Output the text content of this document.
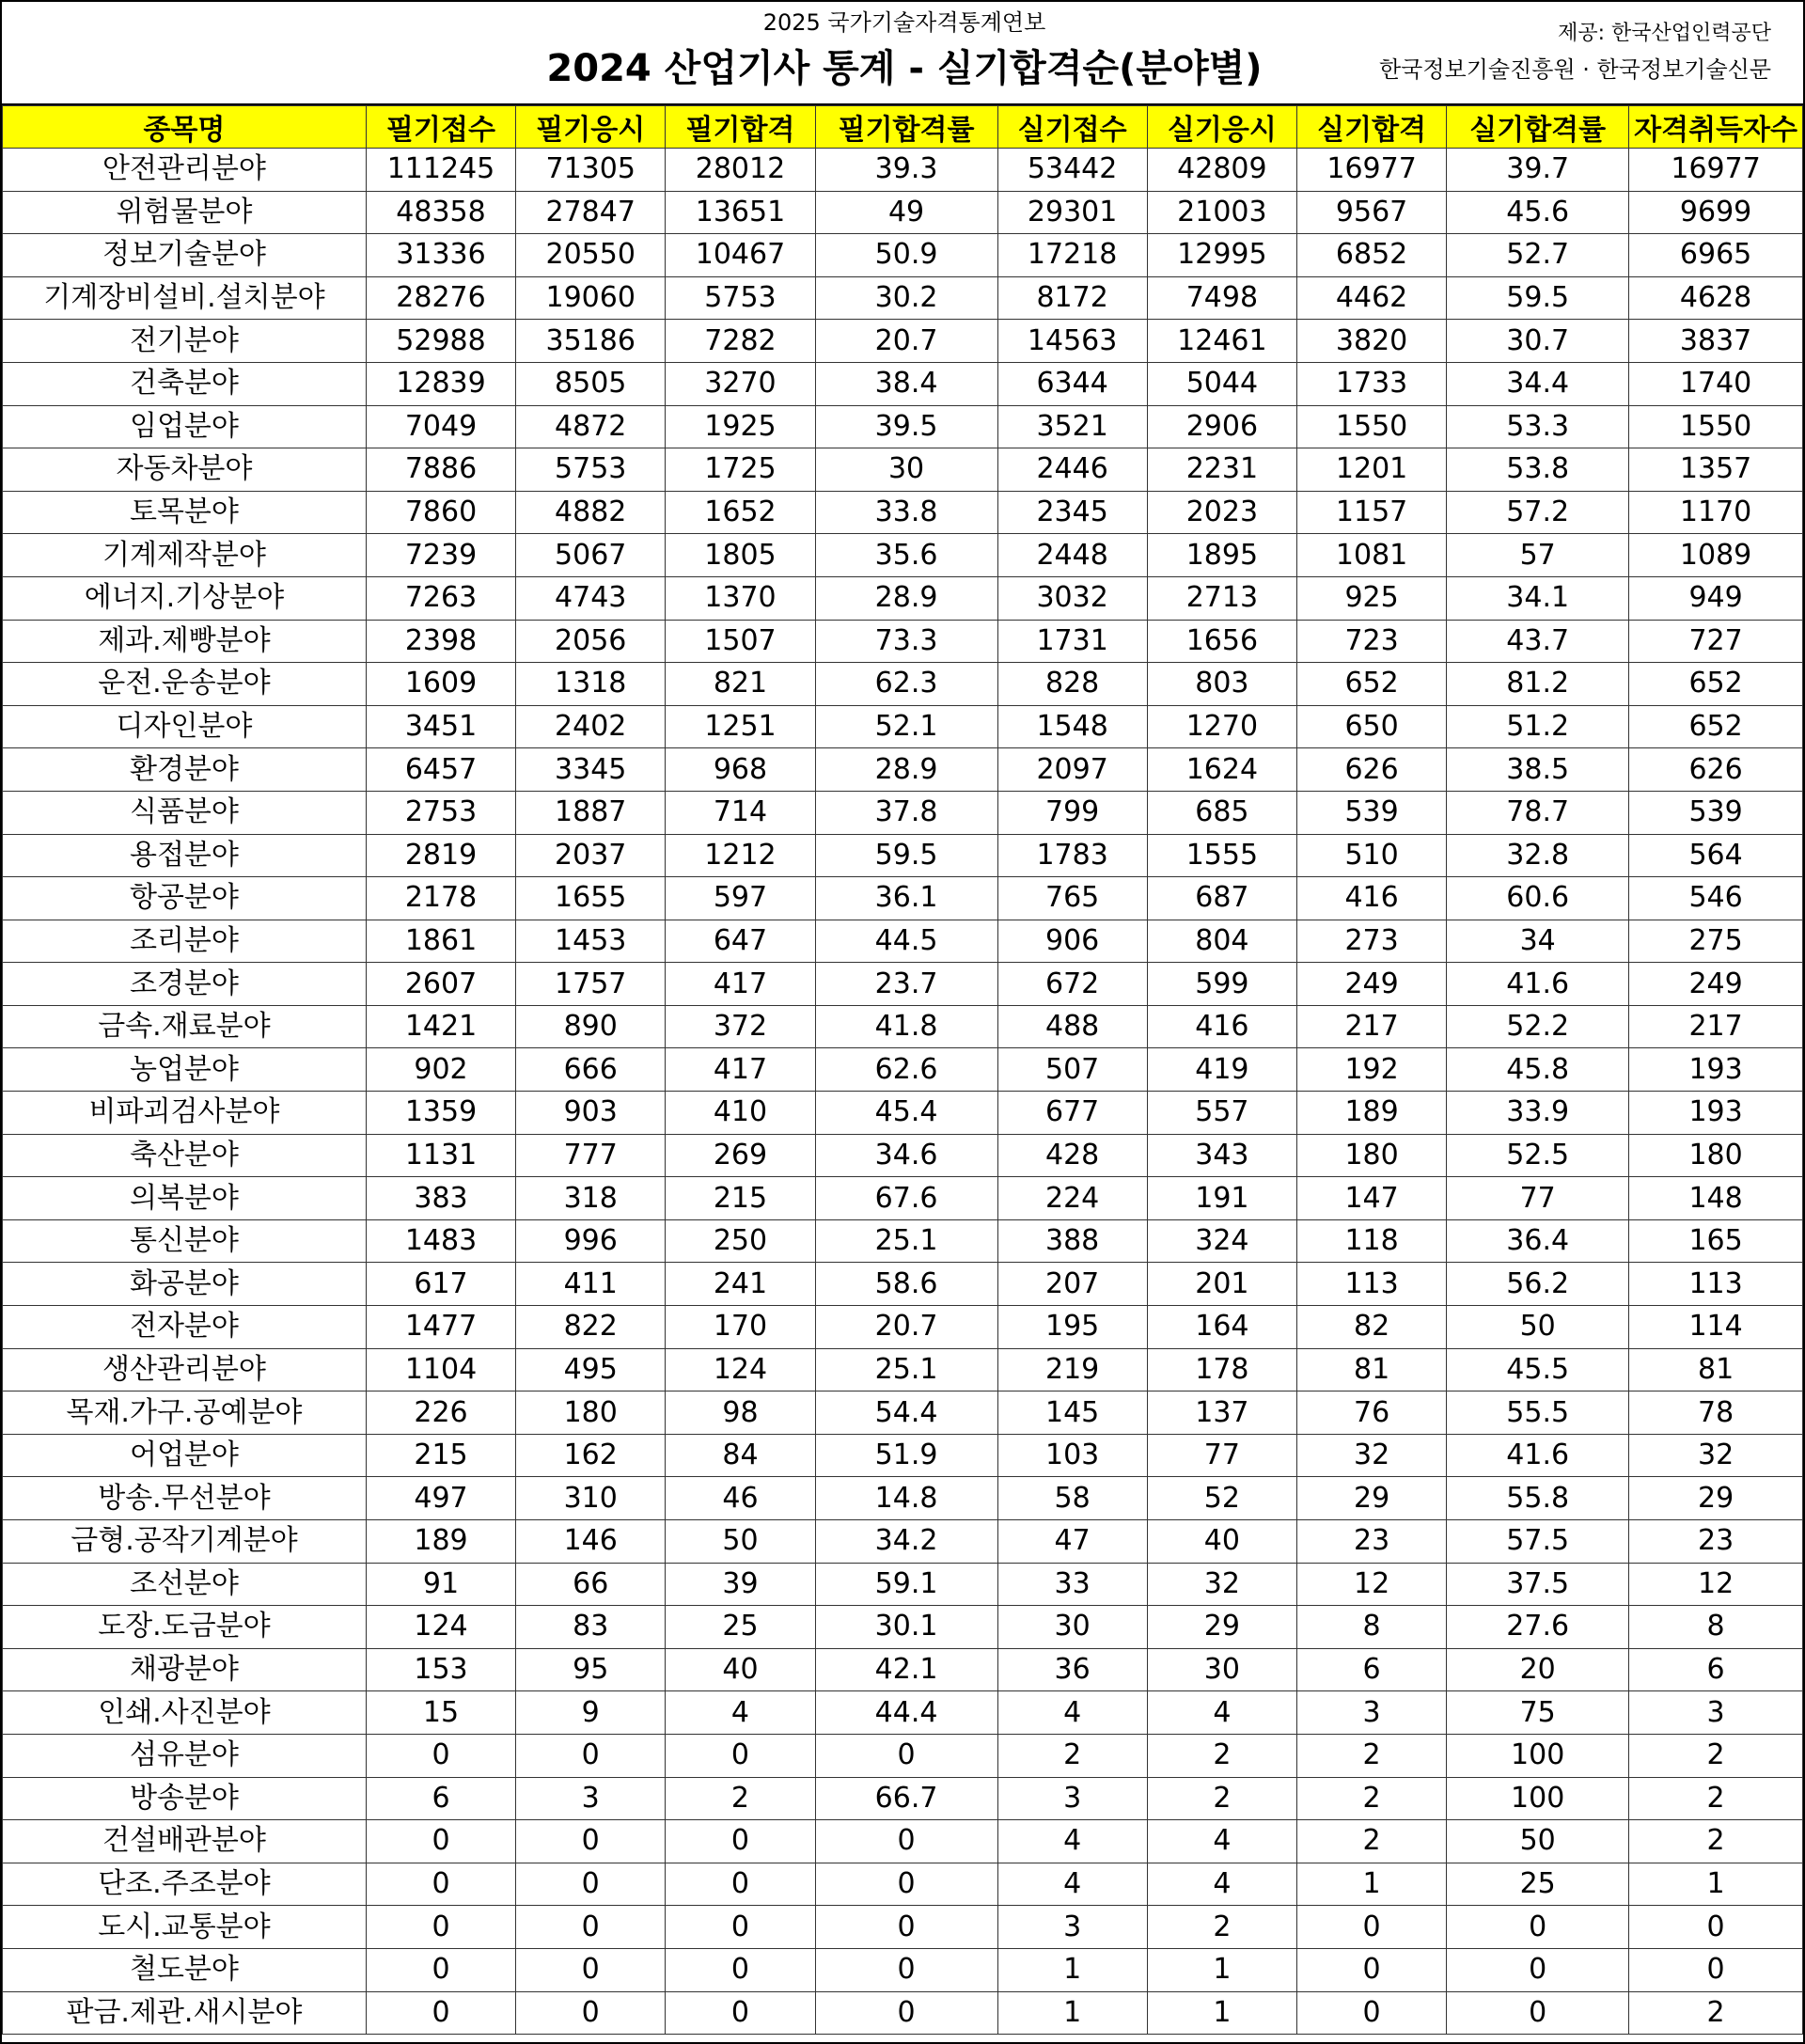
2025 국가기술자격통계연보
2024 산업기사 통계 - 실기합격순(분야별)
제공: 한국산업인력공단
한국정보기술진흥원 · 한국정보기술신문
종목명	필기접수	필기응시	필기합격	필기합격률	실기접수	실기응시	실기합격	실기합격률	자격취득자수
안전관리분야	111245	71305	28012	39.3	53442	42809	16977	39.7	16977
위험물분야	48358	27847	13651	49	29301	21003	9567	45.6	9699
정보기술분야	31336	20550	10467	50.9	17218	12995	6852	52.7	6965
기계장비설비.설치분야	28276	19060	5753	30.2	8172	7498	4462	59.5	4628
전기분야	52988	35186	7282	20.7	14563	12461	3820	30.7	3837
건축분야	12839	8505	3270	38.4	6344	5044	1733	34.4	1740
임업분야	7049	4872	1925	39.5	3521	2906	1550	53.3	1550
자동차분야	7886	5753	1725	30	2446	2231	1201	53.8	1357
토목분야	7860	4882	1652	33.8	2345	2023	1157	57.2	1170
기계제작분야	7239	5067	1805	35.6	2448	1895	1081	57	1089
에너지.기상분야	7263	4743	1370	28.9	3032	2713	925	34.1	949
제과.제빵분야	2398	2056	1507	73.3	1731	1656	723	43.7	727
운전.운송분야	1609	1318	821	62.3	828	803	652	81.2	652
디자인분야	3451	2402	1251	52.1	1548	1270	650	51.2	652
환경분야	6457	3345	968	28.9	2097	1624	626	38.5	626
식품분야	2753	1887	714	37.8	799	685	539	78.7	539
용접분야	2819	2037	1212	59.5	1783	1555	510	32.8	564
항공분야	2178	1655	597	36.1	765	687	416	60.6	546
조리분야	1861	1453	647	44.5	906	804	273	34	275
조경분야	2607	1757	417	23.7	672	599	249	41.6	249
금속.재료분야	1421	890	372	41.8	488	416	217	52.2	217
농업분야	902	666	417	62.6	507	419	192	45.8	193
비파괴검사분야	1359	903	410	45.4	677	557	189	33.9	193
축산분야	1131	777	269	34.6	428	343	180	52.5	180
의복분야	383	318	215	67.6	224	191	147	77	148
통신분야	1483	996	250	25.1	388	324	118	36.4	165
화공분야	617	411	241	58.6	207	201	113	56.2	113
전자분야	1477	822	170	20.7	195	164	82	50	114
생산관리분야	1104	495	124	25.1	219	178	81	45.5	81
목재.가구.공예분야	226	180	98	54.4	145	137	76	55.5	78
어업분야	215	162	84	51.9	103	77	32	41.6	32
방송.무선분야	497	310	46	14.8	58	52	29	55.8	29
금형.공작기계분야	189	146	50	34.2	47	40	23	57.5	23
조선분야	91	66	39	59.1	33	32	12	37.5	12
도장.도금분야	124	83	25	30.1	30	29	8	27.6	8
채광분야	153	95	40	42.1	36	30	6	20	6
인쇄.사진분야	15	9	4	44.4	4	4	3	75	3
섬유분야	0	0	0	0	2	2	2	100	2
방송분야	6	3	2	66.7	3	2	2	100	2
건설배관분야	0	0	0	0	4	4	2	50	2
단조.주조분야	0	0	0	0	4	4	1	25	1
도시.교통분야	0	0	0	0	3	2	0	0	0
철도분야	0	0	0	0	1	1	0	0	0
판금.제관.새시분야	0	0	0	0	1	1	0	0	2
